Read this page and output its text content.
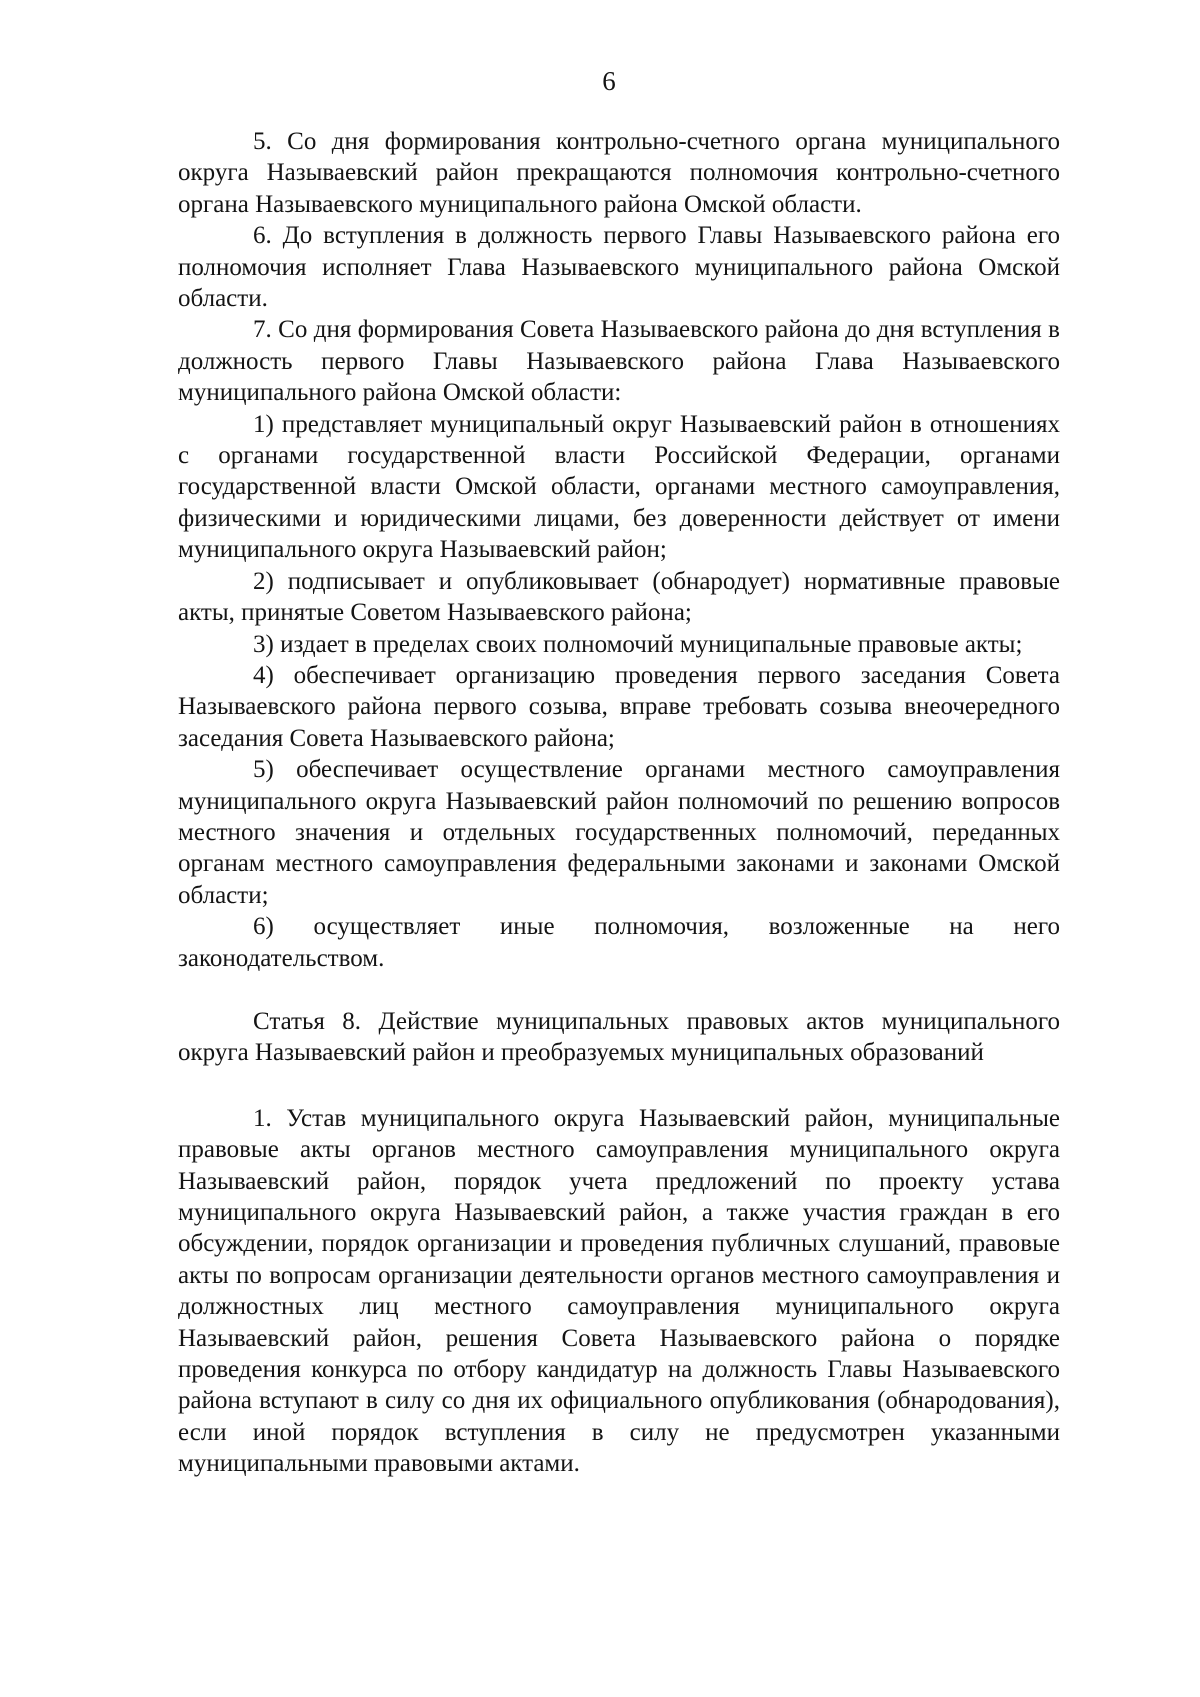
6

5. Со дня формирования контрольно-счетного органа муниципального округа Называевский район прекращаются полномочия контрольно-счетного органа Называевского муниципального района Омской области.

6. До вступления в должность первого Главы Называевского района его полномочия исполняет Глава Называевского муниципального района Омской области.

7. Со дня формирования Совета Называевского района до дня вступления в должность первого Главы Называевского района Глава Называевского муниципального района Омской области:

1) представляет муниципальный округ Называевский район в отношениях с органами государственной власти Российской Федерации, органами государственной власти Омской области, органами местного самоуправления, физическими и юридическими лицами, без доверенности действует от имени муниципального округа Называевский район;

2) подписывает и опубликовывает (обнародует) нормативные правовые акты, принятые Советом Называевского района;

3) издает в пределах своих полномочий муниципальные правовые акты;

4) обеспечивает организацию проведения первого заседания Совета Называевского района первого созыва, вправе требовать созыва внеочередного заседания Совета Называевского района;

5) обеспечивает осуществление органами местного самоуправления муниципального округа Называевский район полномочий по решению вопросов местного значения и отдельных государственных полномочий, переданных органам местного самоуправления федеральными законами и законами Омской области;

6) осуществляет иные полномочия, возложенные на него законодательством.

Статья 8. Действие муниципальных правовых актов муниципального округа Называевский район и преобразуемых муниципальных образований

1. Устав муниципального округа Называевский район, муниципальные правовые акты органов местного самоуправления муниципального округа Называевский район, порядок учета предложений по проекту устава муниципального округа Называевский район, а также участия граждан в его обсуждении, порядок организации и проведения публичных слушаний, правовые акты по вопросам организации деятельности органов местного самоуправления и должностных лиц местного самоуправления муниципального округа Называевский район, решения Совета Называевского района о порядке проведения конкурса по отбору кандидатур на должность Главы Называевского района вступают в силу со дня их официального опубликования (обнародования), если иной порядок вступления в силу не предусмотрен указанными муниципальными правовыми актами.
